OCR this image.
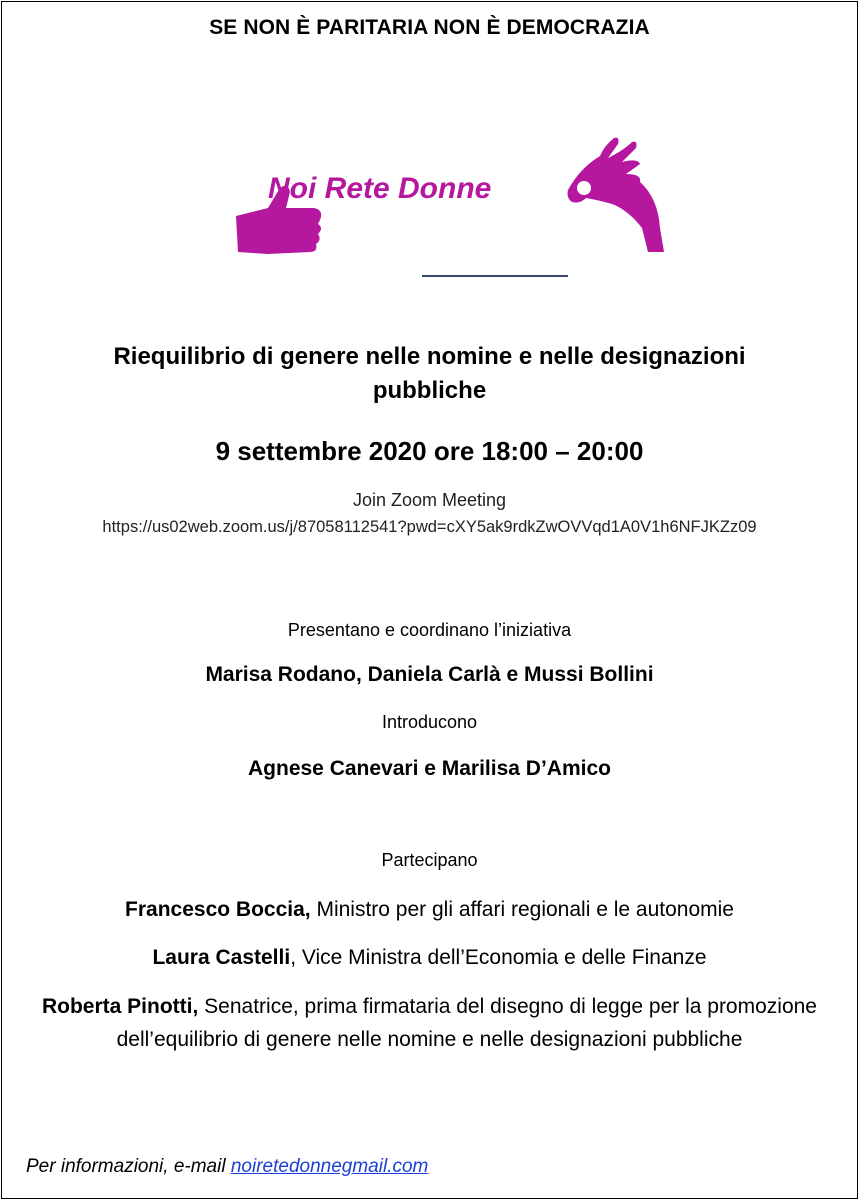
SE NON È PARITARIA NON È DEMOCRAZIA
Noi Rete Donne
Riequilibrio di genere nelle nomine e nelle designazioni
pubbliche
9 settembre 2020 ore 18:00 – 20:00
Join Zoom Meeting
https://us02web.zoom.us/j/87058112541?pwd=cXY5ak9rdkZwOVVqd1A0V1h6NFJKZz09
Presentano e coordinano l’iniziativa
Marisa Rodano, Daniela Carlà e Mussi Bollini
Introducono
Agnese Canevari e Marilisa D’Amico
Partecipano
Francesco Boccia, Ministro per gli affari regionali e le autonomie
Laura Castelli, Vice Ministra dell’Economia e delle Finanze
Roberta Pinotti, Senatrice, prima firmataria del disegno di legge per la promozione dell’equilibrio di genere nelle nomine e nelle designazioni pubbliche
Per informazioni, e-mail noiretedonnegmail.com
